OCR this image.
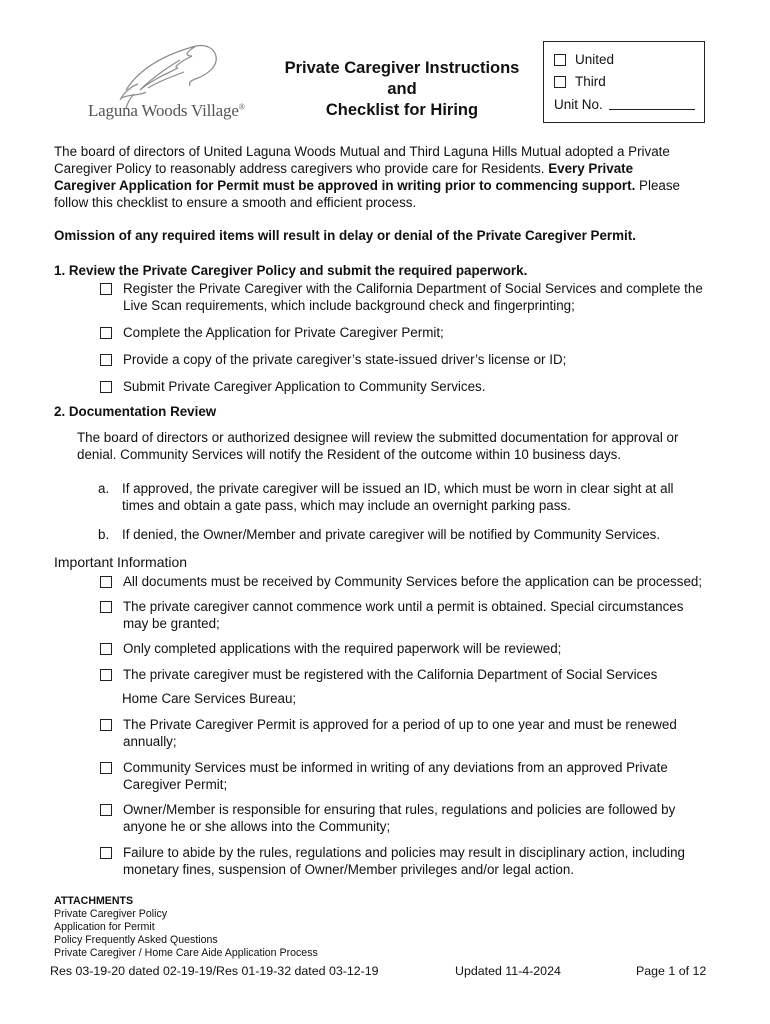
Laguna Woods Village®
Private Caregiver Instructions
and
Checklist for Hiring
United
Third
Unit No.
The board of directors of United Laguna Woods Mutual and Third Laguna Hills Mutual adopted a Private Caregiver Policy to reasonably address caregivers who provide care for Residents. Every Private Caregiver Application for Permit must be approved in writing prior to commencing support. Please follow this checklist to ensure a smooth and efficient process.
Omission of any required items will result in delay or denial of the Private Caregiver Permit.
1. Review the Private Caregiver Policy and submit the required paperwork.
Register the Private Caregiver with the California Department of Social Services and complete the Live Scan requirements, which include background check and fingerprinting;
Complete the Application for Private Caregiver Permit;
Provide a copy of the private caregiver’s state-issued driver’s license or ID;
Submit Private Caregiver Application to Community Services.
2. Documentation Review
The board of directors or authorized designee will review the submitted documentation for approval or denial. Community Services will notify the Resident of the outcome within 10 business days.
a. If approved, the private caregiver will be issued an ID, which must be worn in clear sight at all times and obtain a gate pass, which may include an overnight parking pass.
b. If denied, the Owner/Member and private caregiver will be notified by Community Services.
Important Information
All documents must be received by Community Services before the application can be processed;
The private caregiver cannot commence work until a permit is obtained. Special circumstances may be granted;
Only completed applications with the required paperwork will be reviewed;
The private caregiver must be registered with the California Department of Social Services
Home Care Services Bureau;
The Private Caregiver Permit is approved for a period of up to one year and must be renewed annually;
Community Services must be informed in writing of any deviations from an approved Private Caregiver Permit;
Owner/Member is responsible for ensuring that rules, regulations and policies are followed by anyone he or she allows into the Community;
Failure to abide by the rules, regulations and policies may result in disciplinary action, including monetary fines, suspension of Owner/Member privileges and/or legal action.
ATTACHMENTS
Private Caregiver Policy
Application for Permit
Policy Frequently Asked Questions
Private Caregiver / Home Care Aide Application Process
Res 03-19-20 dated 02-19-19/Res 01-19-32 dated 03-12-19	Updated 11-4-2024	Page 1 of 12
